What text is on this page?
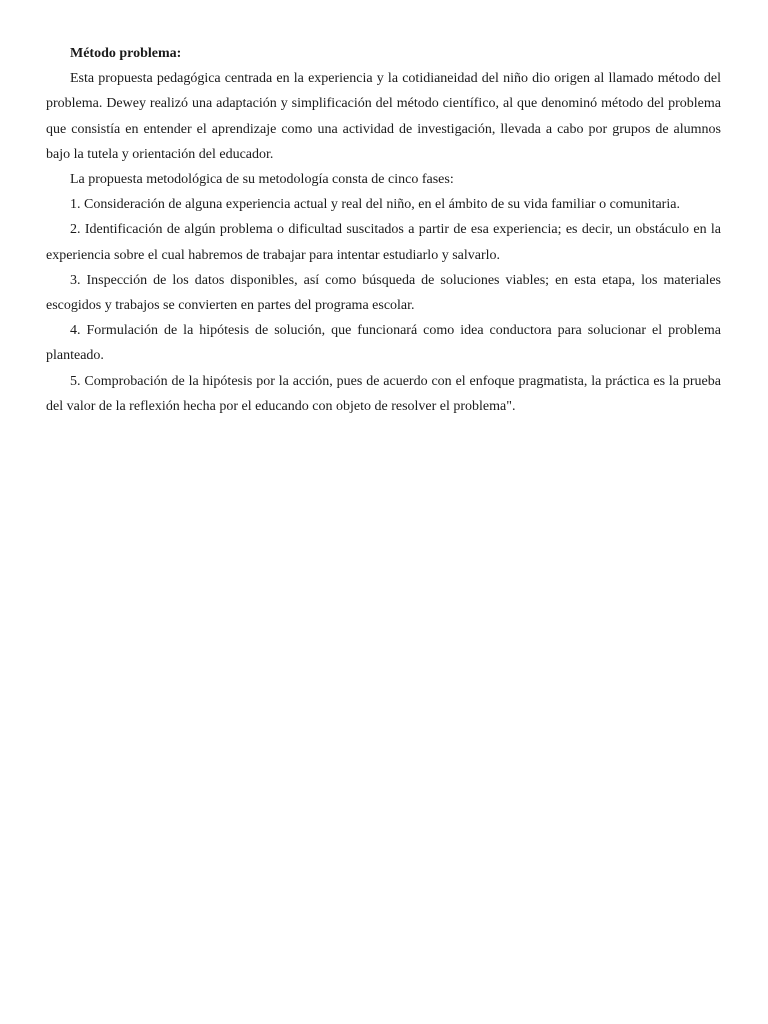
Método problema:

Esta propuesta pedagógica centrada en la experiencia y la cotidianeidad del niño dio origen al llamado método del problema. Dewey realizó una adaptación y simplificación del método científico, al que denominó método del problema que consistía en entender el aprendizaje como una actividad de investigación, llevada a cabo por grupos de alumnos bajo la tutela y orientación del educador.

La propuesta metodológica de su metodología consta de cinco fases:

1. Consideración de alguna experiencia actual y real del niño, en el ámbito de su vida familiar o comunitaria.

2. Identificación de algún problema o dificultad suscitados a partir de esa experiencia; es decir, un obstáculo en la experiencia sobre el cual habremos de trabajar para intentar estudiarlo y salvarlo.

3. Inspección de los datos disponibles, así como búsqueda de soluciones viables; en esta etapa, los materiales escogidos y trabajos se convierten en partes del programa escolar.

4. Formulación de la hipótesis de solución, que funcionará como idea conductora para solucionar el problema planteado.

5. Comprobación de la hipótesis por la acción, pues de acuerdo con el enfoque pragmatista, la práctica es la prueba del valor de la reflexión hecha por el educando con objeto de resolver el problema".
